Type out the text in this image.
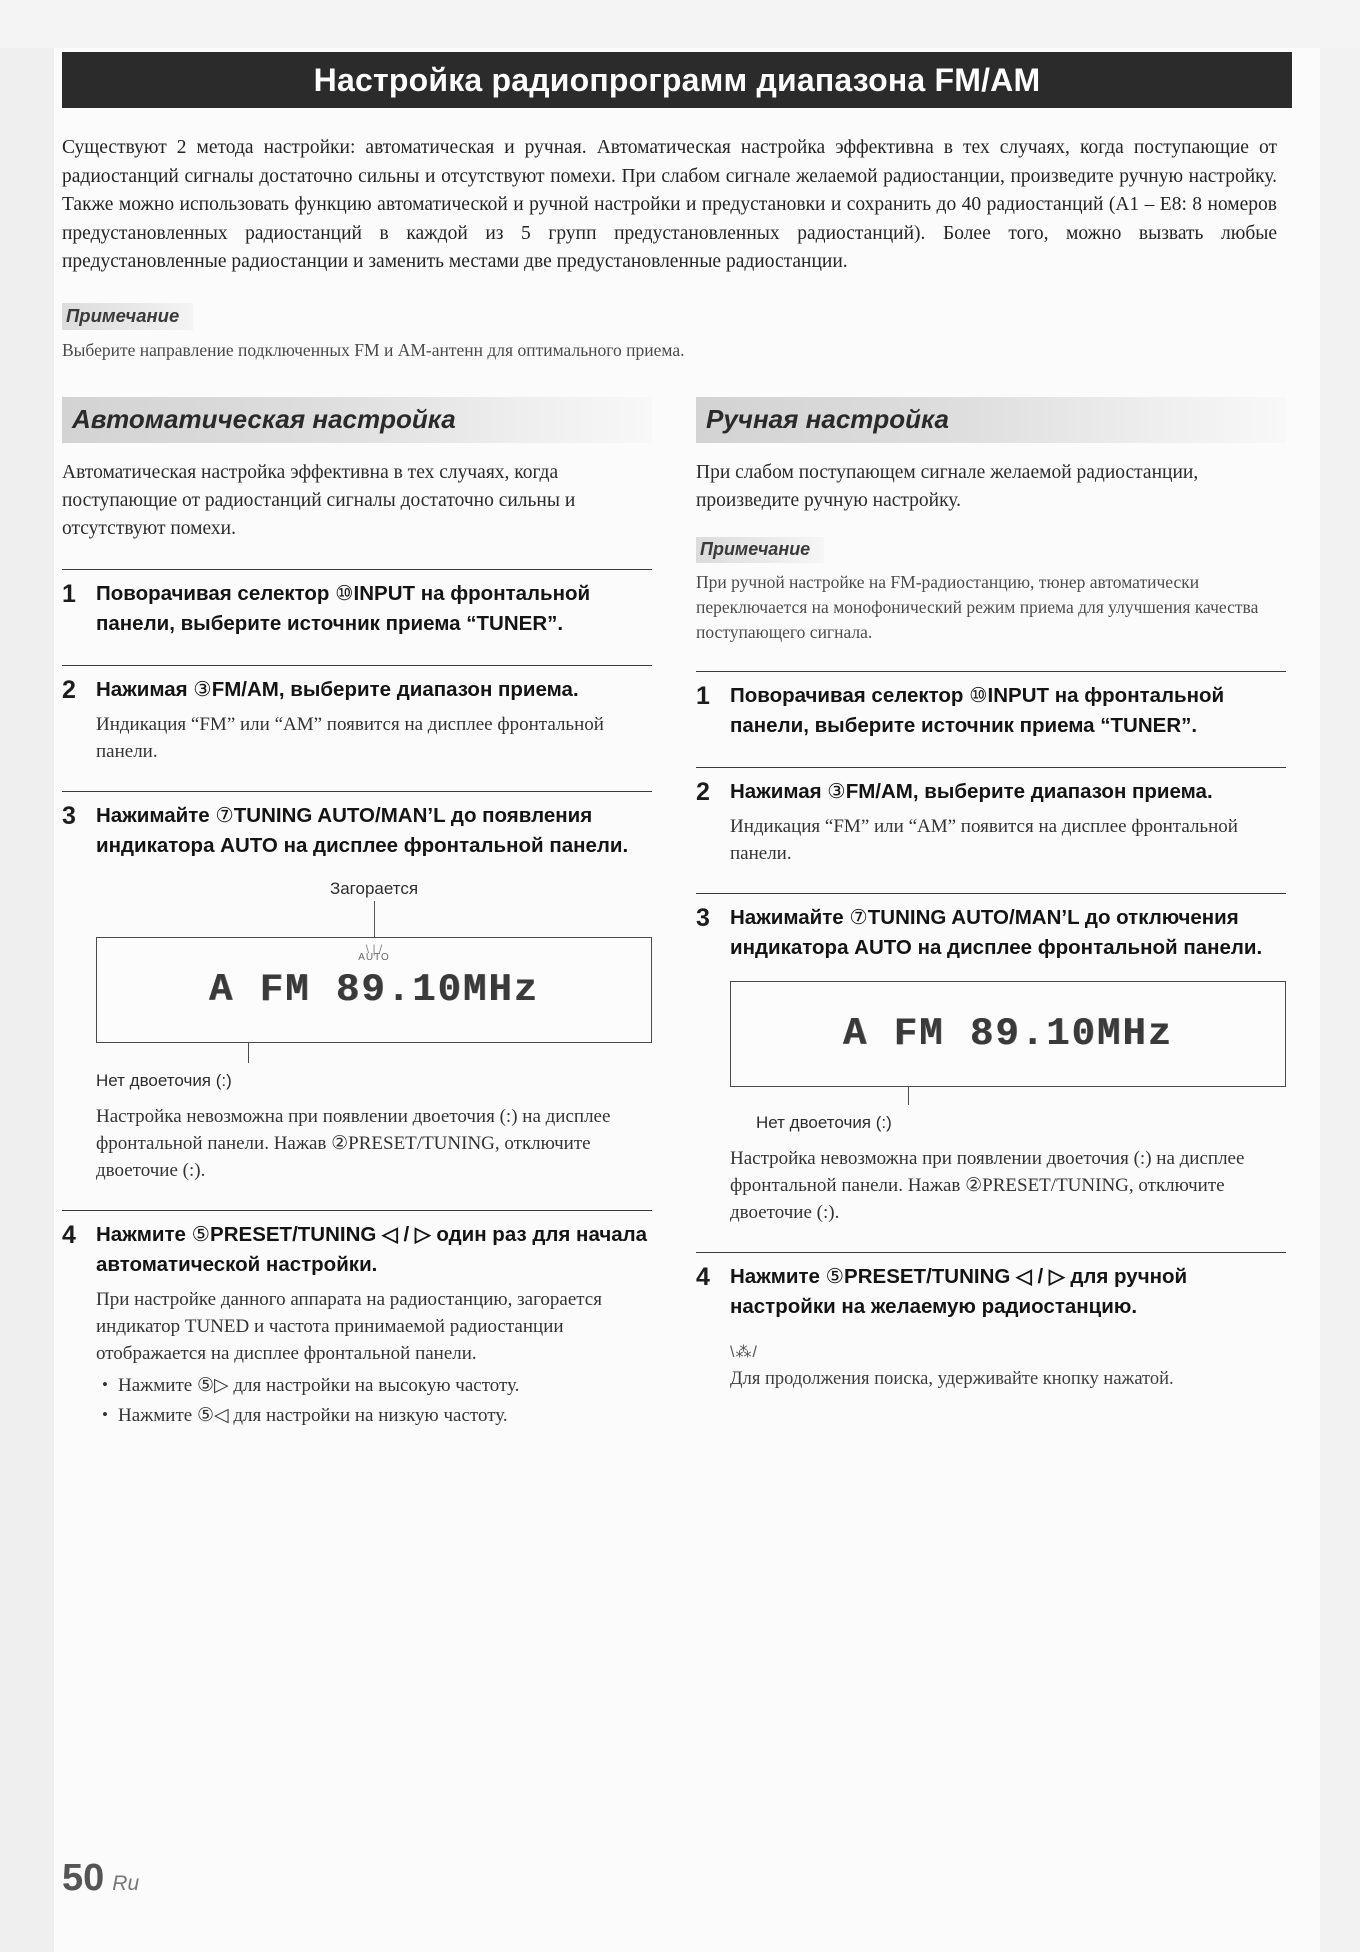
Настройка радиопрограмм диапазона FM/AM
Существуют 2 метода настройки: автоматическая и ручная. Автоматическая настройка эффективна в тех случаях, когда поступающие от радиостанций сигналы достаточно сильны и отсутствуют помехи. При слабом сигнале желаемой радиостанции, произведите ручную настройку. Также можно использовать функцию автоматической и ручной настройки и предустановки и сохранить до 40 радиостанций (A1 – E8: 8 номеров предустановленных радиостанций в каждой из 5 групп предустановленных радиостанций). Более того, можно вызвать любые предустановленные радиостанции и заменить местами две предустановленные радиостанции.
Примечание
Выберите направление подключенных FM и AM-антенн для оптимального приема.
Автоматическая настройка
Автоматическая настройка эффективна в тех случаях, когда поступающие от радиостанций сигналы достаточно сильны и отсутствуют помехи.
1 Поворачивая селектор ⑩INPUT на фронтальной панели, выберите источник приема “TUNER”.
2 Нажимая ③FM/AM, выберите диапазон приема.
Индикация “FM” или “AM” появится на дисплее фронтальной панели.
3 Нажимайте ⑦TUNING AUTO/MAN’L до появления индикатора AUTO на дисплее фронтальной панели.
Загорается
\ | /
AUTO
A FM 89.10MHz
Нет двоеточия (:)
Настройка невозможна при появлении двоеточия (:) на дисплее фронтальной панели. Нажав ②PRESET/TUNING, отключите двоеточие (:).
4 Нажмите ⑤PRESET/TUNING ◁ / ▷ один раз для начала автоматической настройки.
При настройке данного аппарата на радиостанцию, загорается индикатор TUNED и частота принимаемой радиостанции отображается на дисплее фронтальной панели.
• Нажмите ⑤▷ для настройки на высокую частоту.
• Нажмите ⑤◁ для настройки на низкую частоту.
Ручная настройка
При слабом поступающем сигнале желаемой радиостанции, произведите ручную настройку.
Примечание
При ручной настройке на FM-радиостанцию, тюнер автоматически переключается на монофонический режим приема для улучшения качества поступающего сигнала.
1 Поворачивая селектор ⑩INPUT на фронтальной панели, выберите источник приема “TUNER”.
2 Нажимая ③FM/AM, выберите диапазон приема.
Индикация “FM” или “AM” появится на дисплее фронтальной панели.
3 Нажимайте ⑦TUNING AUTO/MAN’L до отключения индикатора AUTO на дисплее фронтальной панели.
A FM 89.10MHz
Нет двоеточия (:)
Настройка невозможна при появлении двоеточия (:) на дисплее фронтальной панели. Нажав ②PRESET/TUNING, отключите двоеточие (:).
4 Нажмите ⑤PRESET/TUNING ◁ / ▷ для ручной настройки на желаемую радиостанцию.
\⁂/
Для продолжения поиска, удерживайте кнопку нажатой.
50 Ru
